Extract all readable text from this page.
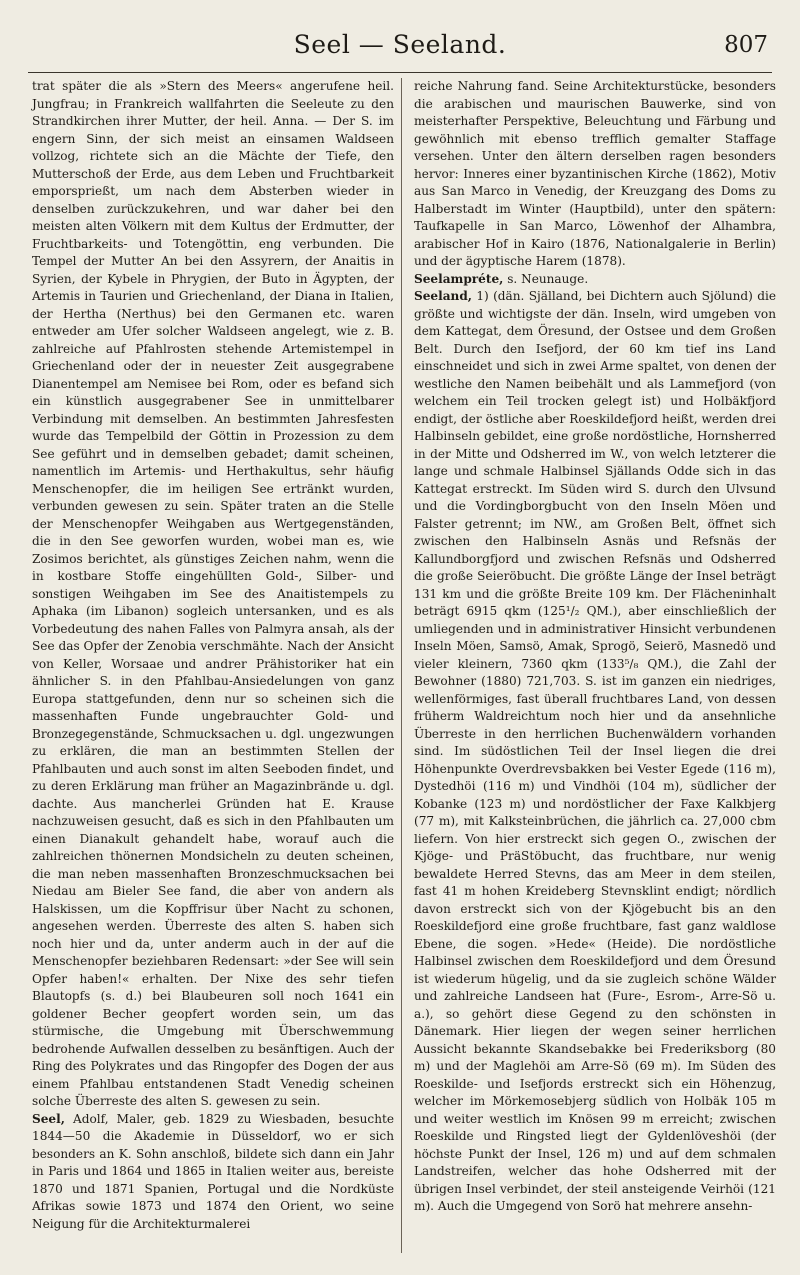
Seel — Seeland.	807

trat später die als »Stern des Meers« angerufene heil. Jungfrau; in Frankreich wallfahrten die Seeleute zu den Strandkirchen ihrer Mutter, der heil. Anna. — Der S. im engern Sinn, der sich meist an einsamen Waldseen vollzog, richtete sich an die Mächte der Tiefe, den Mutterschoß der Erde, aus dem Leben und Fruchtbarkeit emporsprießt, um nach dem Absterben wieder in denselben zurückzukehren, und war daher bei den meisten alten Völkern mit dem Kultus der Erdmutter, der Fruchtbarkeits- und Totengöttin, eng verbunden. Die Tempel der Mutter An bei den Assyrern, der Anaitis in Syrien, der Kybele in Phrygien, der Buto in Ägypten, der Artemis in Taurien und Griechenland, der Diana in Italien, der Hertha (Nerthus) bei den Germanen etc. waren entweder am Ufer solcher Waldseen angelegt, wie z. B. zahlreiche auf Pfahlrosten stehende Artemistempel in Griechenland oder der in neuester Zeit ausgegrabene Dianentempel am Nemisee bei Rom, oder es befand sich ein künstlich ausgegrabener See in unmittelbarer Verbindung mit demselben. An bestimmten Jahresfesten wurde das Tempelbild der Göttin in Prozession zu dem See geführt und in demselben gebadet; damit scheinen, namentlich im Artemis- und Herthakultus, sehr häufig Menschenopfer, die im heiligen See ertränkt wurden, verbunden gewesen zu sein. Später traten an die Stelle der Menschenopfer Weihgaben aus Wertgegenständen, die in den See geworfen wurden, wobei man es, wie Zosimos berichtet, als günstiges Zeichen nahm, wenn die in kostbare Stoffe eingehüllten Gold-, Silber- und sonstigen Weihgaben im See des Anaitistempels zu Aphaka (im Libanon) sogleich untersanken, und es als Vorbedeutung des nahen Falles von Palmyra ansah, als der See das Opfer der Zenobia verschmähte. Nach der Ansicht von Keller, Worsaae und andrer Prähistoriker hat ein ähnlicher S. in den Pfahlbau-Ansiedelungen von ganz Europa stattgefunden, denn nur so scheinen sich die massenhaften Funde ungebrauchter Gold- und Bronzegegenstände, Schmucksachen u. dgl. ungezwungen zu erklären, die man an bestimmten Stellen der Pfahlbauten und auch sonst im alten Seeboden findet, und zu deren Erklärung man früher an Magazinbrände u. dgl. dachte. Aus mancherlei Gründen hat E. Krause nachzuweisen gesucht, daß es sich in den Pfahlbauten um einen Dianakult gehandelt habe, worauf auch die zahlreichen thönernen Mondsicheln zu deuten scheinen, die man neben massenhaften Bronzeschmucksachen bei Niedau am Bieler See fand, die aber von andern als Halskissen, um die Kopffrisur über Nacht zu schonen, angesehen werden. Überreste des alten S. haben sich noch hier und da, unter anderm auch in der auf die Menschenopfer beziehbaren Redensart: »der See will sein Opfer haben!« erhalten. Der Nixe des sehr tiefen Blautopfs (s. d.) bei Blaubeuren soll noch 1641 ein goldener Becher geopfert worden sein, um das stürmische, die Umgebung mit Überschwemmung bedrohende Aufwallen desselben zu besänftigen. Auch der Ring des Polykrates und das Ringopfer des Dogen der aus einem Pfahlbau entstandenen Stadt Venedig scheinen solche Überreste des alten S. gewesen zu sein.

Seel, Adolf, Maler, geb. 1829 zu Wiesbaden, besuchte 1844—50 die Akademie in Düsseldorf, wo er sich besonders an K. Sohn anschloß, bildete sich dann ein Jahr in Paris und 1864 und 1865 in Italien weiter aus, bereiste 1870 und 1871 Spanien, Portugal und die Nordküste Afrikas sowie 1873 und 1874 den Orient, wo seine Neigung für die Architekturmalerei

reiche Nahrung fand. Seine Architekturstücke, besonders die arabischen und maurischen Bauwerke, sind von meisterhafter Perspektive, Beleuchtung und Färbung und gewöhnlich mit ebenso trefflich gemalter Staffage versehen. Unter den ältern derselben ragen besonders hervor: Inneres einer byzantinischen Kirche (1862), Motiv aus San Marco in Venedig, der Kreuzgang des Doms zu Halberstadt im Winter (Hauptbild), unter den spätern: Taufkapelle in San Marco, Löwenhof der Alhambra, arabischer Hof in Kairo (1876, Nationalgalerie in Berlin) und der ägyptische Harem (1878).

Seelampréte, s. Neunauge.

Seeland, 1) (dän. Själland, bei Dichtern auch Sjölund) die größte und wichtigste der dän. Inseln, wird umgeben von dem Kattegat, dem Öresund, der Ostsee und dem Großen Belt. Durch den Isefjord, der 60 km tief ins Land einschneidet und sich in zwei Arme spaltet, von denen der westliche den Namen beibehält und als Lammefjord (von welchem ein Teil trocken gelegt ist) und Holbäkfjord endigt, der östliche aber Roeskildefjord heißt, werden drei Halbinseln gebildet, eine große nordöstliche, Hornsherred in der Mitte und Odsherred im W., von welch letzterer die lange und schmale Halbinsel Själlands Odde sich in das Kattegat erstreckt. Im Süden wird S. durch den Ulvsund und die Vordingborgbucht von den Inseln Möen und Falster getrennt; im NW., am Großen Belt, öffnet sich zwischen den Halbinseln Asnäs und Refsnäs der Kallundborgfjord und zwischen Refsnäs und Odsherred die große Seieröbucht. Die größte Länge der Insel beträgt 131 km und die größte Breite 109 km. Der Flächeninhalt beträgt 6915 qkm (125¹/₂ QM.), aber einschließlich der umliegenden und in administrativer Hinsicht verbundenen Inseln Möen, Samsö, Amak, Sprogö, Seierö, Masnedö und vieler kleinern, 7360 qkm (133⁵/₈ QM.), die Zahl der Bewohner (1880) 721,703. S. ist im ganzen ein niedriges, wellenförmiges, fast überall fruchtbares Land, von dessen früherm Waldreichtum noch hier und da ansehnliche Überreste in den herrlichen Buchenwäldern vorhanden sind. Im südöstlichen Teil der Insel liegen die drei Höhenpunkte Overdrevsbakken bei Vester Egede (116 m), Dystedhöi (116 m) und Vindhöi (104 m), südlicher der Kobanke (123 m) und nordöstlicher der Faxe Kalkbjerg (77 m), mit Kalksteinbrüchen, die jährlich ca. 27,000 cbm liefern. Von hier erstreckt sich gegen O., zwischen der Kjöge- und PräStöbucht, das fruchtbare, nur wenig bewaldete Herred Stevns, das am Meer in dem steilen, fast 41 m hohen Kreideberg Stevnsklint endigt; nördlich davon erstreckt sich von der Kjögebucht bis an den Roeskildefjord eine große fruchtbare, fast ganz waldlose Ebene, die sogen. »Hede« (Heide). Die nordöstliche Halbinsel zwischen dem Roeskildefjord und dem Öresund ist wiederum hügelig, und da sie zugleich schöne Wälder und zahlreiche Landseen hat (Fure-, Esrom-, Arre-Sö u. a.), so gehört diese Gegend zu den schönsten in Dänemark. Hier liegen der wegen seiner herrlichen Aussicht bekannte Skandsebakke bei Frederiksborg (80 m) und der Maglehöi am Arre-Sö (69 m). Im Süden des Roeskilde- und Isefjords erstreckt sich ein Höhenzug, welcher im Mörkemosebjerg südlich von Holbäk 105 m und weiter westlich im Knösen 99 m erreicht; zwischen Roeskilde und Ringsted liegt der Gyldenlöveshöi (der höchste Punkt der Insel, 126 m) und auf dem schmalen Landstreifen, welcher das hohe Odsherred mit der übrigen Insel verbindet, der steil ansteigende Veirhöi (121 m). Auch die Umgegend von Sorö hat mehrere ansehn-
